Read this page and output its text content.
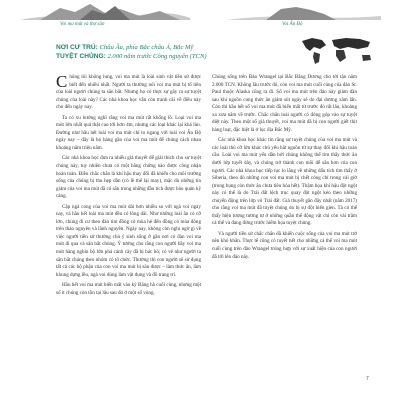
Voi ma mút và thợ săn	Voi Ấn Độ
NƠI CƯ TRÚ: Châu Âu, phía Bắc châu Á, Bắc Mỹ
TUYỆT CHỦNG: 2.000 năm trước Công nguyên (TCN)

Chúng tôi không lung, voi ma mút là loài sinh vật tiền sử được biết đến nhiều nhất. Người ta thường nói voi ma mút bị tổ tiên của loài người chúng ta săn bắt. Nhưng họ có thực sự gây ra sự tuyệt chủng của loài này? Các nhà khoa học vẫn còn tranh cãi về điều này cho đến ngày nay.

Ta có xu hướng nghĩ rằng voi ma mút rất khổng lồ. Loại voi ma mút lớn nhất quả thật cao tới hơn 4m, nhưng các loại khác lại khá lùn. Đường như hầu hết loài voi ma mút chỉ to ngang với loài voi Ấn Độ ngày nay – đây là họ hàng gần của voi ma mút để chúng cách nhau khoảng năm triệu năm.

Các nhà khoa học đưa ra nhiều giả thuyết để giải thích cho sự tuyệt chủng này, tuy nhiên chưa có một bằng chứng nào được công nhận hoàn toàn. Điều chắc chắn là khí hậu thay đổi đã khiến cho môi trường sống của chúng bị thu hẹp dần (có lẽ thế lại may), mặc dù những tín giảm của voi ma mút đã có sẵn trong những đầu tích được bảo quản kỹ càng.

Cặp ngà cong của voi ma mút dài hơn nhiều so với ngà voi ngày nay, và hầu hết loài ma mút đều có lông dài. Như những loài ăn cỏ cỡ lớn, chúng đi cư theo đàn tìm đồng cỏ mùa hè đến đồng cỏ mùa đông trên thảo nguyên và lãnh nguyên. Ngày nay, không còn nghi ngờ gì về việc người tiền sử thường chủ ý sinh sống ở gần nơi có đàn voi ma mút đi qua và săn bắt chúng. Ý tưởng cho rằng con người bầy voi ma mút hàng nghìn bộ lớn phá cánh cây đã bị bác bỏ; có vẻ như người ta săn bắt chúng theo nhóm có tổ chức. Thường thì con người sẽ sử dụng tất cả các bộ phận của con voi ma mút bị săn được – làm thức ăn, làm khung dựng lều, ngà voi dùng làm vật dụng và đồ trang trí.

Hầu hết voi ma mút biến mất vào kỷ Băng hà cuối cùng, nhưng một số ít chúng còn tồn tại lâu sau đó ở một số vùng.

Chúng sống trên Đảo Wrangel tại Bắc Băng Dương cho tới tận năm 2.000 TCN. Không lâu trước đó, còn voi ma mút cuối cùng của đảo St. Paul thuộc Alaska cũng ra đi. Số voi ma mút trên đảo này giảm dần sau khi nguồn cung thức ăn giảm sút ngày sẽ do đại dương xâm lấn. Còn thì hầu hết số voi ma mút đã biến mất từ trước đó rất lâu, khoảng xa xưa năm về trước. Chắc chắn loài người có đóng góp vào sự tuyệt diệt này. Theo một số giả thuyết, voi ma mút đã bị con người giết thịt hàng loạt, đặc biệt là ở lục địa Bắc Mỹ.

Các nhà khoa học khác tin rằng sự tuyệt chủng của voi ma mút và các loài thú cỡ lớn khác chủ yếu bắt nguồn từ sự thay đổi khí hậu toàn cầu. Loài voi ma mút yếu dần bởi chúng không thể tìm thấy thức ăn dưới lớp tuyết dày, và chúng trở thành con mồi dễ săn hơn của con người. Các nhà khoa học tiếp tục lo lắng về những dấu tích tìm thấy ở Siberia, theo đó những con voi ma mút bị chết cóng chỉ trong vài giờ (trong bụng còn thức ăn chưa tiêu hóa hết). Thậm họa khí hậu đột ngột này có thể là do Trái đất lệch trục quay đột ngột kéo theo những chuyển động trên lớp vỏ Trái đất. Giả thuyết gần đây nhất (năm 2017) cho rằng voi ma mút đã tuyệt chủng do bị sự đột biến gien. Tà có thể thấy hiện tượng tương tự ở những quần thể động vật chỉ còn vài trăm cá thể và đang đứng trước hiểm họa tuyệt chủng.

Và người tiền sử chắc chắn đã khiến cuộc sống của voi ma mút trở nên khó khăn. Thực tế cũng có tuyết tiết cho những cá thể voi ma mút cuối cùng trên đảo Wrangel trúng hợp với sự xuất hiện của con người đã tới lên đảo này.

7
